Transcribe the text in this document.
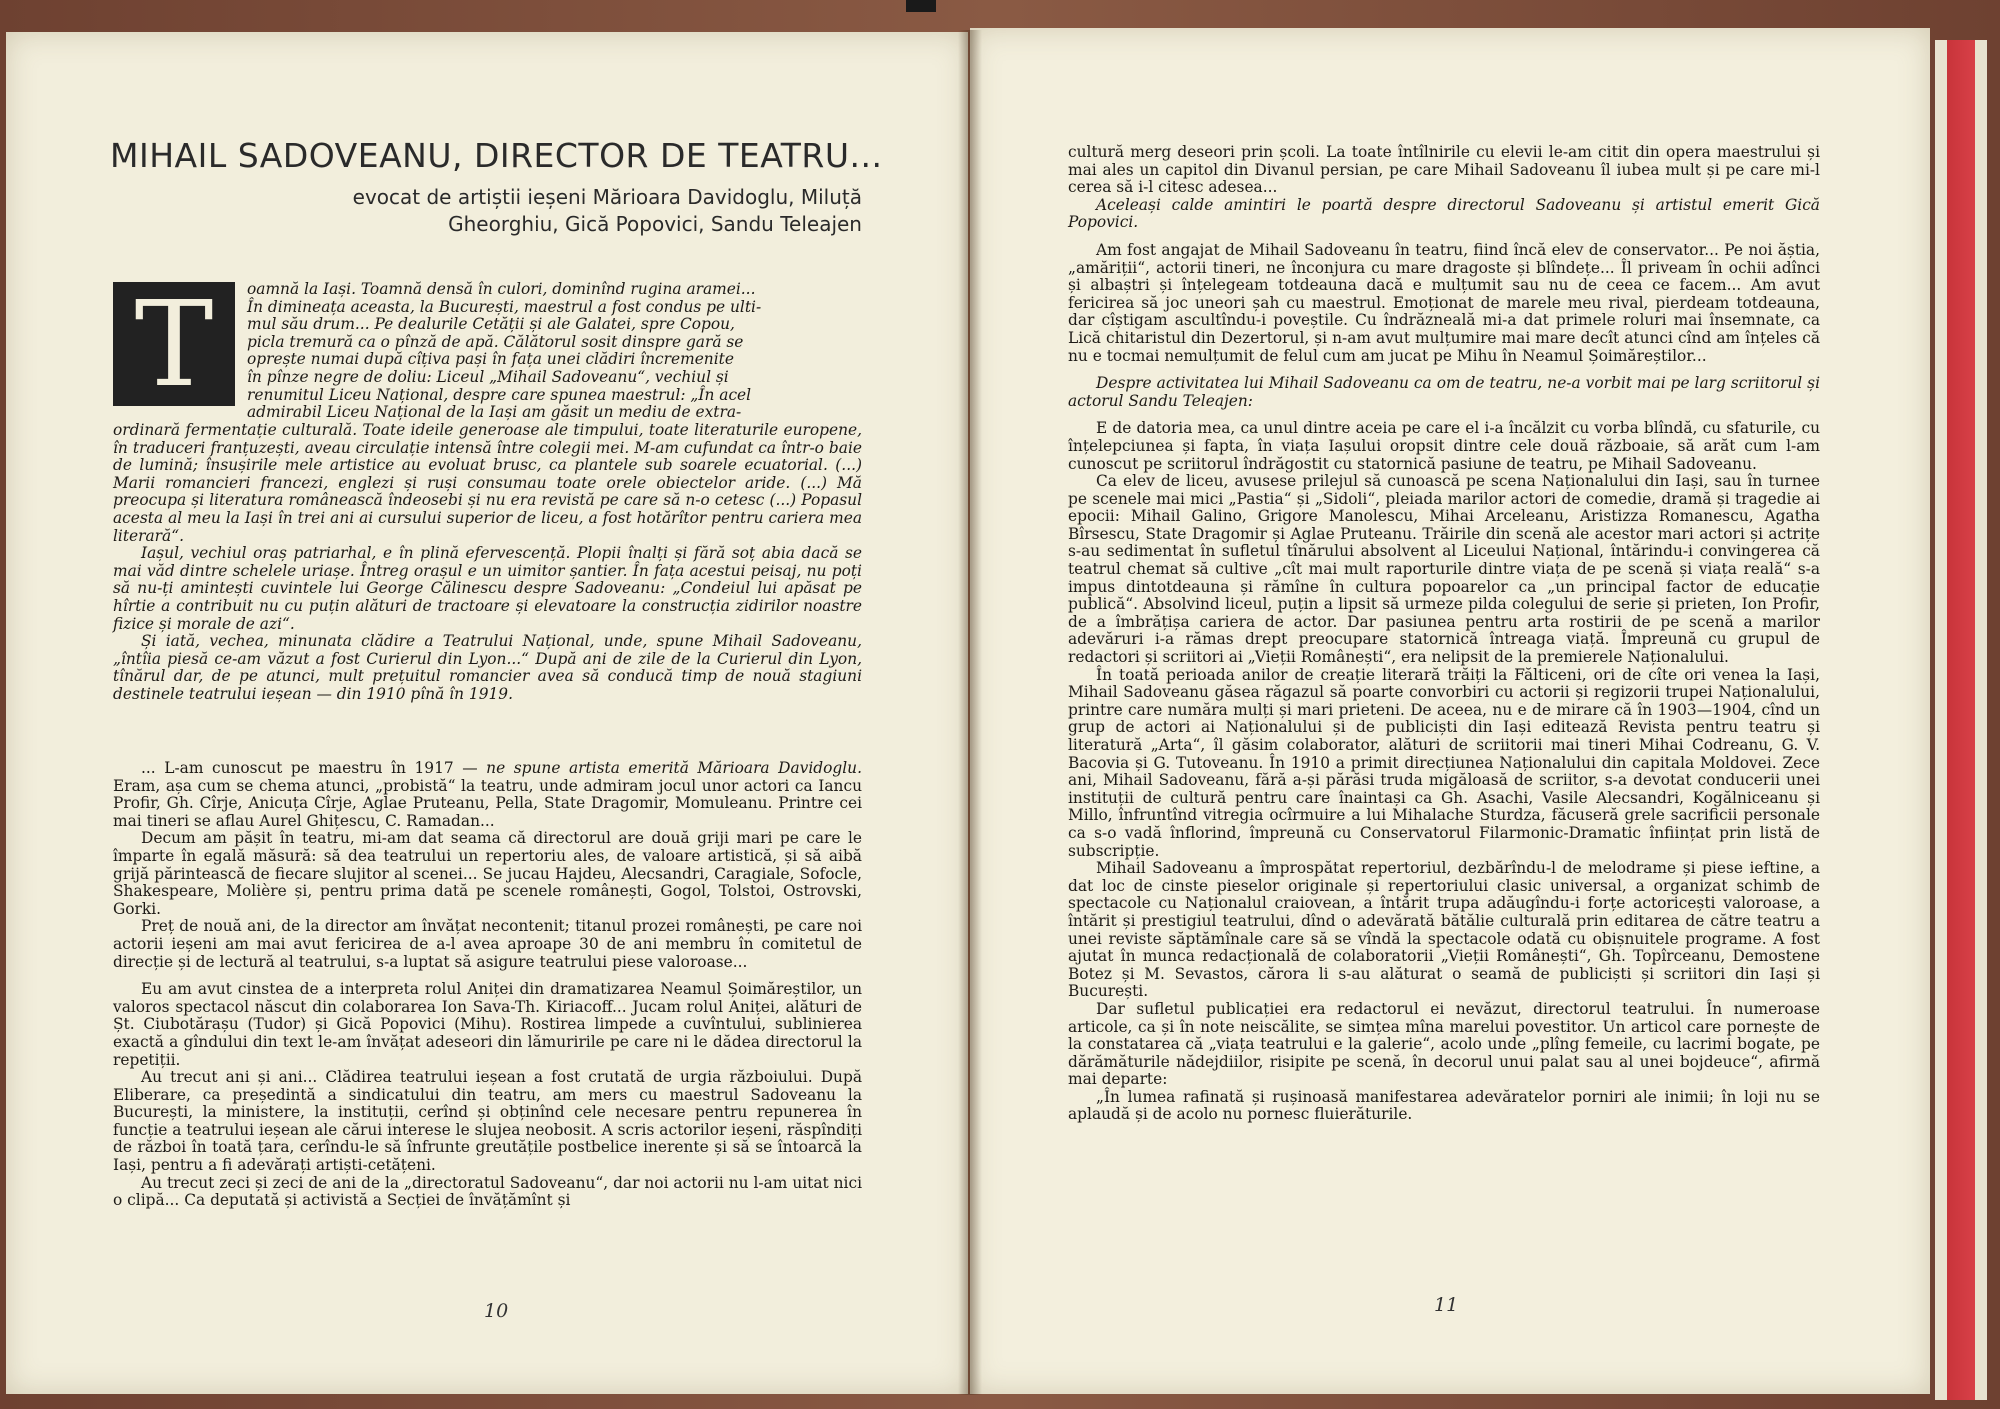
MIHAIL SADOVEANU, DIRECTOR DE TEATRU...
evocat de artiștii ieșeni Mărioara Davidoglu, Miluță Gheorghiu, Gică Popovici, Sandu Teleajen
T	oamnă la Iași. Toamnă densă în culori, dominînd rugina aramei...
În dimineața aceasta, la București, maestrul a fost condus pe ulti-
mul său drum... Pe dealurile Cetății și ale Galatei, spre Copou,
picla tremură ca o pînză de apă. Călătorul sosit dinspre gară se
oprește numai după cîțiva pași în fața unei clădiri încremenite
în pînze negre de doliu: Liceul „Mihail Sadoveanu“, vechiul și
renumitul Liceu Național, despre care spunea maestrul: „În acel
admirabil Liceu Național de la Iași am găsit un mediu de extra-

ordinară fermentație culturală. Toate ideile generoase ale timpului, toate literaturile europene, în traduceri franțuzești, aveau circulație intensă între colegii mei. M-am cufundat ca într-o baie de lumină; însușirile mele artistice au evoluat brusc, ca plantele sub soarele ecuatorial. (...) Marii romancieri francezi, englezi și ruși consumau toate orele obiectelor aride. (...) Mă preocupa și literatura românească îndeosebi și nu era revistă pe care să n-o cetesc (...) Popasul acesta al meu la Iași în trei ani ai cursului superior de liceu, a fost hotărîtor pentru cariera mea literară“.

Iașul, vechiul oraș patriarhal, e în plină efervescență. Plopii înalți și fără soț abia dacă se mai văd dintre schelele uriașe. Întreg orașul e un uimitor șantier. În fața acestui peisaj, nu poți să nu-ți amintești cuvintele lui George Călinescu despre Sadoveanu: „Condeiul lui apăsat pe hîrtie a contribuit nu cu puțin alături de tractoare și elevatoare la construcția zidirilor noastre fizice și morale de azi“.

Și iată, vechea, minunata clădire a Teatrului Național, unde, spune Mihail Sadoveanu, „întîia piesă ce-am văzut a fost Curierul din Lyon...“ După ani de zile de la Curierul din Lyon, tînărul dar, de pe atunci, mult prețuitul romancier avea să conducă timp de nouă stagiuni destinele teatrului ieșean — din 1910 pînă în 1919.

... L-am cunoscut pe maestru în 1917 — ne spune artista emerită Mărioara Davidoglu. Eram, așa cum se chema atunci, „probistă“ la teatru, unde admiram jocul unor actori ca Iancu Profir, Gh. Cîrje, Anicuța Cîrje, Aglae Pruteanu, Pella, State Dragomir, Momuleanu. Printre cei mai tineri se aflau Aurel Ghițescu, C. Ramadan...

Decum am pășit în teatru, mi-am dat seama că directorul are două griji mari pe care le împarte în egală măsură: să dea teatrului un repertoriu ales, de valoare artistică, și să aibă grijă părintească de fiecare slujitor al scenei... Se jucau Hajdeu, Alecsandri, Caragiale, Sofocle, Shakespeare, Molière și, pentru prima dată pe scenele românești, Gogol, Tolstoi, Ostrovski, Gorki.

Preț de nouă ani, de la director am învățat necontenit; titanul prozei românești, pe care noi actorii ieșeni am mai avut fericirea de a-l avea aproape 30 de ani membru în comitetul de direcție și de lectură al teatrului, s-a luptat să asigure teatrului piese valoroase...

Eu am avut cinstea de a interpreta rolul Aniței din dramatizarea Neamul Șoimăreștilor, un valoros spectacol născut din colaborarea Ion Sava-Th. Kiriacoff... Jucam rolul Aniței, alături de Șt. Ciubotărașu (Tudor) și Gică Popovici (Mihu). Rostirea limpede a cuvîntului, sublinierea exactă a gîndului din text le-am învățat adeseori din lămuririle pe care ni le dădea directorul la repetiții.

Au trecut ani și ani... Clădirea teatrului ieșean a fost crutată de urgia războiului. După Eliberare, ca președintă a sindicatului din teatru, am mers cu maestrul Sadoveanu la București, la ministere, la instituții, cerînd și obținînd cele necesare pentru repunerea în funcție a teatrului ieșean ale cărui interese le slujea neobosit. A scris actorilor ieșeni, răspîndiți de război în toată țara, cerîndu-le să înfrunte greutățile postbelice inerente și să se întoarcă la Iași, pentru a fi adevărați artiști-cetățeni.

Au trecut zeci și zeci de ani de la „directoratul Sadoveanu“, dar noi actorii nu l-am uitat nici o clipă... Ca deputată și activistă a Secției de învățămînt și

10

cultură merg deseori prin școli. La toate întîlnirile cu elevii le-am citit din opera maestrului și mai ales un capitol din Divanul persian, pe care Mihail Sadoveanu îl iubea mult și pe care mi-l cerea să i-l citesc adesea...

Aceleași calde amintiri le poartă despre directorul Sadoveanu și artistul emerit Gică Popovici.

Am fost angajat de Mihail Sadoveanu în teatru, fiind încă elev de conservator... Pe noi ăștia, „amăriții“, actorii tineri, ne înconjura cu mare dragoste și blîndețe... Îl priveam în ochii adînci și albaștri și înțelegeam totdeauna dacă e mulțumit sau nu de ceea ce facem... Am avut fericirea să joc uneori șah cu maestrul. Emoționat de marele meu rival, pierdeam totdeauna, dar cîștigam ascultîndu-i poveștile. Cu îndrăzneală mi-a dat primele roluri mai însemnate, ca Lică chitaristul din Dezertorul, și n-am avut mulțumire mai mare decît atunci cînd am înțeles că nu e tocmai nemulțumit de felul cum am jucat pe Mihu în Neamul Șoimăreștilor...

Despre activitatea lui Mihail Sadoveanu ca om de teatru, ne-a vorbit mai pe larg scriitorul și actorul Sandu Teleajen:

E de datoria mea, ca unul dintre aceia pe care el i-a încălzit cu vorba blîndă, cu sfaturile, cu înțelepciunea și fapta, în viața Iașului oropsit dintre cele două războaie, să arăt cum l-am cunoscut pe scriitorul îndrăgostit cu statornică pasiune de teatru, pe Mihail Sadoveanu.

Ca elev de liceu, avusese prilejul să cunoască pe scena Naționalului din Iași, sau în turnee pe scenele mai mici „Pastia“ și „Sidoli“, pleiada marilor actori de comedie, dramă și tragedie ai epocii: Mihail Galino, Grigore Manolescu, Mihai Arceleanu, Aristizza Romanescu, Agatha Bîrsescu, State Dragomir și Aglae Pruteanu. Trăirile din scenă ale acestor mari actori și actrițe s-au sedimentat în sufletul tînărului absolvent al Liceului Național, întărindu-i convingerea că teatrul chemat să cultive „cît mai mult raporturile dintre viața de pe scenă și viața reală“ s-a impus dintotdeauna și rămîne în cultura popoarelor ca „un principal factor de educație publică“. Absolvind liceul, puțin a lipsit să urmeze pilda colegului de serie și prieten, Ion Profir, de a îmbrățișa cariera de actor. Dar pasiunea pentru arta rostirii de pe scenă a marilor adevăruri i-a rămas drept preocupare statornică întreaga viață. Împreună cu grupul de redactori și scriitori ai „Vieții Românești“, era nelipsit de la premierele Naționalului.

În toată perioada anilor de creație literară trăiți la Fălticeni, ori de cîte ori venea la Iași, Mihail Sadoveanu găsea răgazul să poarte convorbiri cu actorii și regizorii trupei Naționalului, printre care număra mulți și mari prieteni. De aceea, nu e de mirare că în 1903—1904, cînd un grup de actori ai Naționalului și de publiciști din Iași editează Revista pentru teatru și literatură „Arta“, îl găsim colaborator, alături de scriitorii mai tineri Mihai Codreanu, G. V. Bacovia și G. Tutoveanu. În 1910 a primit direcțiunea Naționalului din capitala Moldovei. Zece ani, Mihail Sadoveanu, fără a-și părăsi truda migăloasă de scriitor, s-a devotat conducerii unei instituții de cultură pentru care înaintași ca Gh. Asachi, Vasile Alecsandri, Kogălniceanu și Millo, înfruntînd vitregia ocîrmuire a lui Mihalache Sturdza, făcuseră grele sacrificii personale ca s-o vadă înflorind, împreună cu Conservatorul Filarmonic-Dramatic înființat prin listă de subscripție.

Mihail Sadoveanu a împrospătat repertoriul, dezbărîndu-l de melodrame și piese ieftine, a dat loc de cinste pieselor originale și repertoriului clasic universal, a organizat schimb de spectacole cu Naționalul craiovean, a întărit trupa adăugîndu-i forțe actoricești valoroase, a întărit și prestigiul teatrului, dînd o adevărată bătălie culturală prin editarea de către teatru a unei reviste săptămînale care să se vîndă la spectacole odată cu obișnuitele programe. A fost ajutat în munca redacțională de colaboratorii „Vieții Românești“, Gh. Topîrceanu, Demostene Botez și M. Sevastos, cărora li s-au alăturat o seamă de publiciști și scriitori din Iași și București.

Dar sufletul publicației era redactorul ei nevăzut, directorul teatrului. În numeroase articole, ca și în note neiscălite, se simțea mîna marelui povestitor. Un articol care pornește de la constatarea că „viața teatrului e la galerie“, acolo unde „plîng femeile, cu lacrimi bogate, pe dărămăturile nădejdiilor, risipite pe scenă, în decorul unui palat sau al unei bojdeuce“, afirmă mai departe:

„În lumea rafinată și rușinoasă manifestarea adevăratelor porniri ale inimii; în loji nu se aplaudă și de acolo nu pornesc fluierăturile.

11
